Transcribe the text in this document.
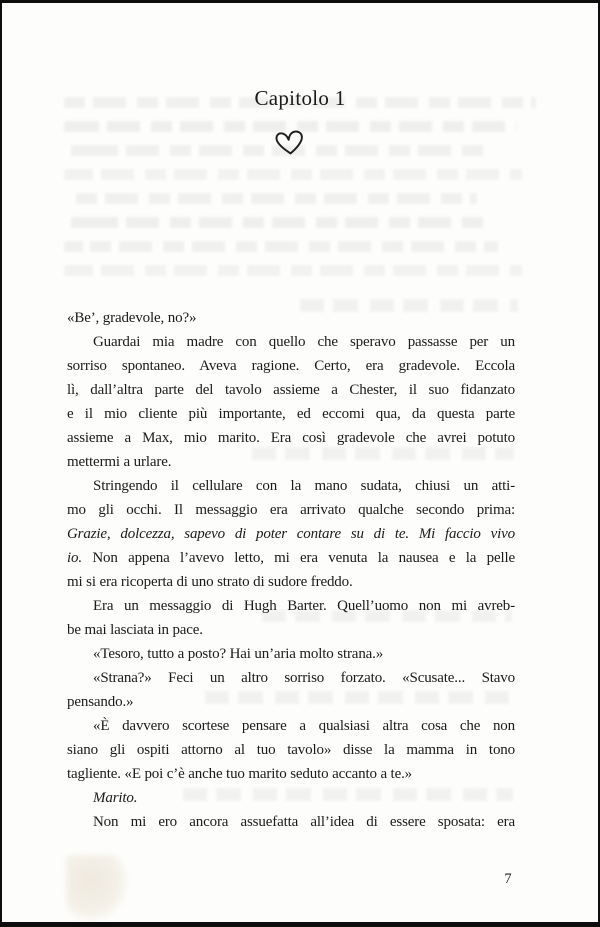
Capitolo 1
«Be’, gradevole, no?»
Guardai mia madre con quello che speravo passasse per un
sorriso spontaneo. Aveva ragione. Certo, era gradevole. Eccola
lì, dall’altra parte del tavolo assieme a Chester, il suo fidanzato
e il mio cliente più importante, ed eccomi qua, da questa parte
assieme a Max, mio marito. Era così gradevole che avrei potuto
mettermi a urlare.
Stringendo il cellulare con la mano sudata, chiusi un atti-
mo gli occhi. Il messaggio era arrivato qualche secondo prima:
Grazie, dolcezza, sapevo di poter contare su di te. Mi faccio vivo
io. Non appena l’avevo letto, mi era venuta la nausea e la pelle
mi si era ricoperta di uno strato di sudore freddo.
Era un messaggio di Hugh Barter. Quell’uomo non mi avreb-
be mai lasciata in pace.
«Tesoro, tutto a posto? Hai un’aria molto strana.»
«Strana?» Feci un altro sorriso forzato. «Scusate... Stavo
pensando.»
«È davvero scortese pensare a qualsiasi altra cosa che non
siano gli ospiti attorno al tuo tavolo» disse la mamma in tono
tagliente. «E poi c’è anche tuo marito seduto accanto a te.»
Marito.
Non mi ero ancora assuefatta all’idea di essere sposata: era
7
